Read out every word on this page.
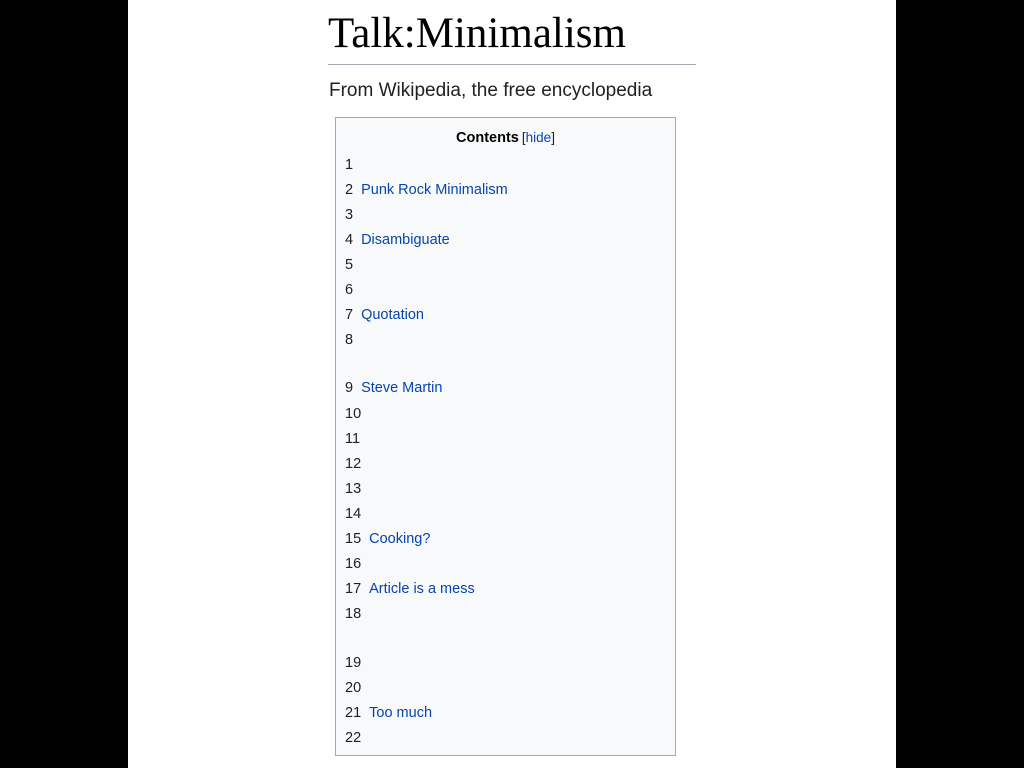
Talk:Minimalism
From Wikipedia, the free encyclopedia
Contents [hide]
1
2 Punk Rock Minimalism
3
4 Disambiguate
5
6
7 Quotation
8
9 Steve Martin
10
11
12
13
14
15 Cooking?
16
17 Article is a mess
18
19
20
21 Too much
22
